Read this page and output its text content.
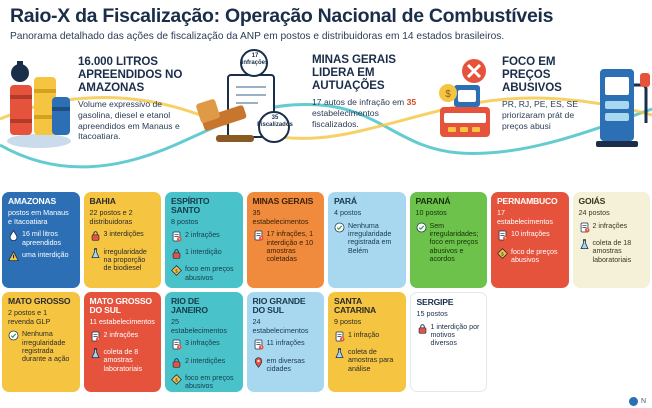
Raio-X da Fiscalização: Operação Nacional de Combustíveis
Panorama detalhado das ações de fiscalização da ANP em postos e distribuidoras em 14 estados brasileiros.
16.000 LITROS APREENDIDOS NO AMAZONAS
Volume expressivo de gasolina, diesel e etanol apreendidos em Manaus e Itacoatiara.
17 infrações
35 Fiscalizados
MINAS GERAIS LIDERA EM AUTUAÇÕES
17 autos de infração em 35 estabelecimentos fiscalizados.
$
FOCO EM PREÇOS ABUSIVOS
PR, RJ, PE, ES, SE priorizaram prát de preços abusi
AMAZONAS
postos em Manaus e Itacoatiara
16 mil litros apreendidos
uma interdição
BAHIA
22 postos e 2 distribuidoras
3 interdições
irregularidade na proporção de biodiesel
ESPÍRITO SANTO
8 postos
2 infrações
1 interdição
$ foco em preços abusivos
MINAS GERAIS
35 estabelecimentos
17 infrações, 1 interdição e 10 amostras coletadas
PARÁ
4 postos
Nenhuma irregularidade registrada em Belém
PARANÁ
10 postos
Sem irregularidades; foco em preços abusivos e acordos
PERNAMBUCO
17 estabelecimentos
10 infrações
$ foco de preços abusivos
GOIÁS
24 postos
2 infrações
coleta de 18 amostras laboratoriais
MATO GROSSO
2 postos e 1 revenda GLP
Nenhuma irregularidade registrada durante a ação
MATO GROSSO DO SUL
11 estabelecimentos
2 infrações
coleta de 8 amostras laboratoriais
RIO DE JANEIRO
25 estabelecimentos
3 infrações
2 interdições
$ foco em preços abusivos
RIO GRANDE DO SUL
24 estabelecimentos
11 infrações
em diversas cidades
SANTA CATARINA
9 postos
1 infração
coleta de amostras para análise
SERGIPE
15 postos
1 interdição por motivos diversos
N
